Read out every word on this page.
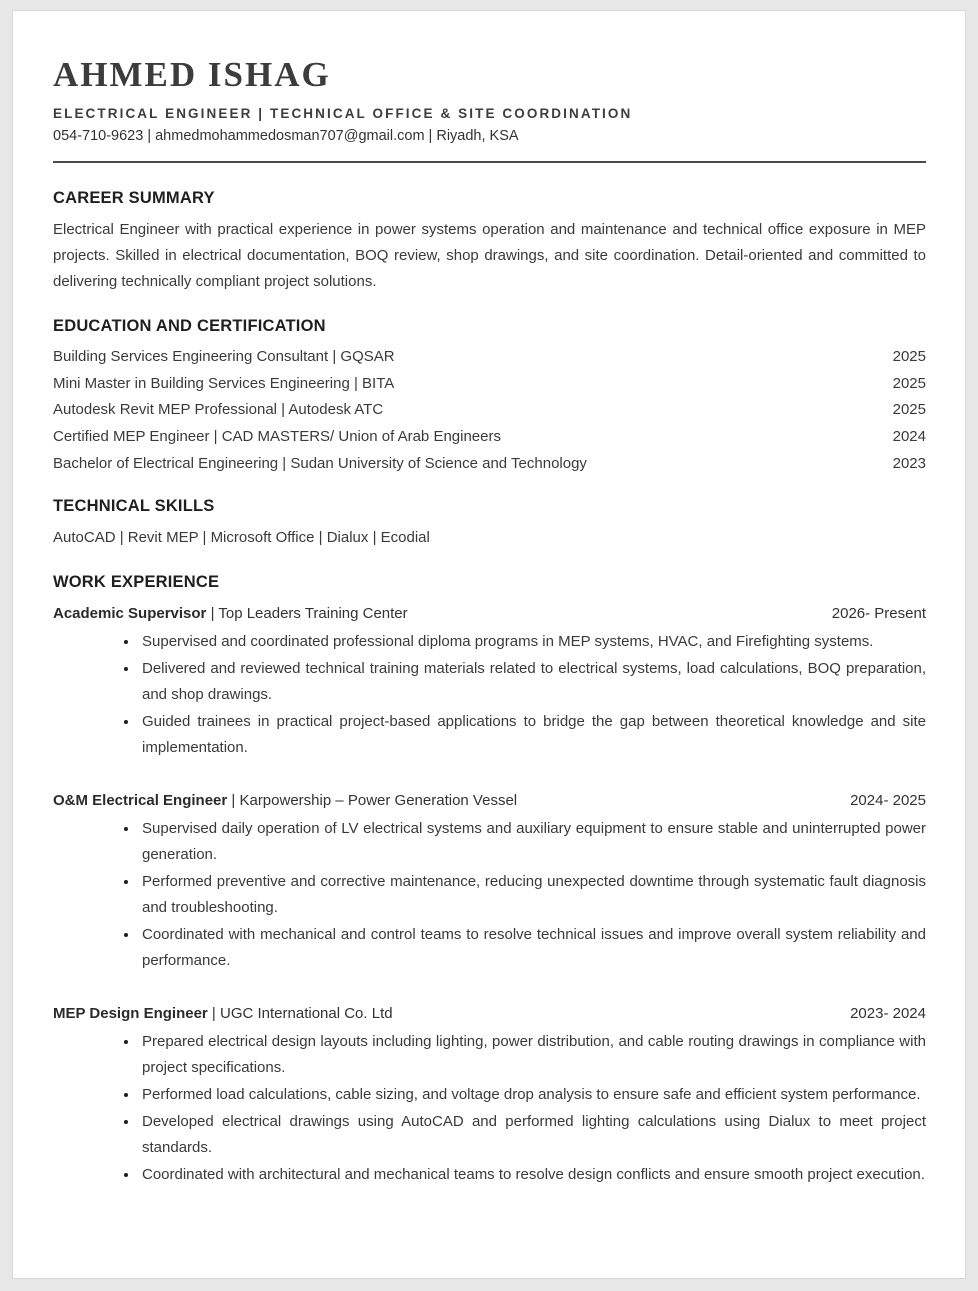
AHMED ISHAG
ELECTRICAL ENGINEER | TECHNICAL OFFICE & SITE COORDINATION
054-710-9623 | ahmedmohammedosman707@gmail.com | Riyadh, KSA
CAREER SUMMARY

Electrical Engineer with practical experience in power systems operation and maintenance and technical office exposure in MEP projects. Skilled in electrical documentation, BOQ review, shop drawings, and site coordination. Detail-oriented and committed to delivering technically compliant project solutions.

EDUCATION AND CERTIFICATION
Building Services Engineering Consultant | GQSAR	2025
Mini Master in Building Services Engineering | BITA	2025
Autodesk Revit MEP Professional | Autodesk ATC	2025
Certified MEP Engineer | CAD MASTERS/ Union of Arab Engineers	2024
Bachelor of Electrical Engineering | Sudan University of Science and Technology	2023
TECHNICAL SKILLS

AutoCAD | Revit MEP | Microsoft Office | Dialux | Ecodial

WORK EXPERIENCE
Academic Supervisor | Top Leaders Training Center	2026- Present
• Supervised and coordinated professional diploma programs in MEP systems, HVAC, and Firefighting systems.
• Delivered and reviewed technical training materials related to electrical systems, load calculations, BOQ preparation, and shop drawings.
• Guided trainees in practical project-based applications to bridge the gap between theoretical knowledge and site implementation.
O&M Electrical Engineer | Karpowership – Power Generation Vessel	2024- 2025
• Supervised daily operation of LV electrical systems and auxiliary equipment to ensure stable and uninterrupted power generation.
• Performed preventive and corrective maintenance, reducing unexpected downtime through systematic fault diagnosis and troubleshooting.
• Coordinated with mechanical and control teams to resolve technical issues and improve overall system reliability and performance.
MEP Design Engineer | UGC International Co. Ltd	2023- 2024
• Prepared electrical design layouts including lighting, power distribution, and cable routing drawings in compliance with project specifications.
• Performed load calculations, cable sizing, and voltage drop analysis to ensure safe and efficient system performance.
• Developed electrical drawings using AutoCAD and performed lighting calculations using Dialux to meet project standards.
• Coordinated with architectural and mechanical teams to resolve design conflicts and ensure smooth project execution.
